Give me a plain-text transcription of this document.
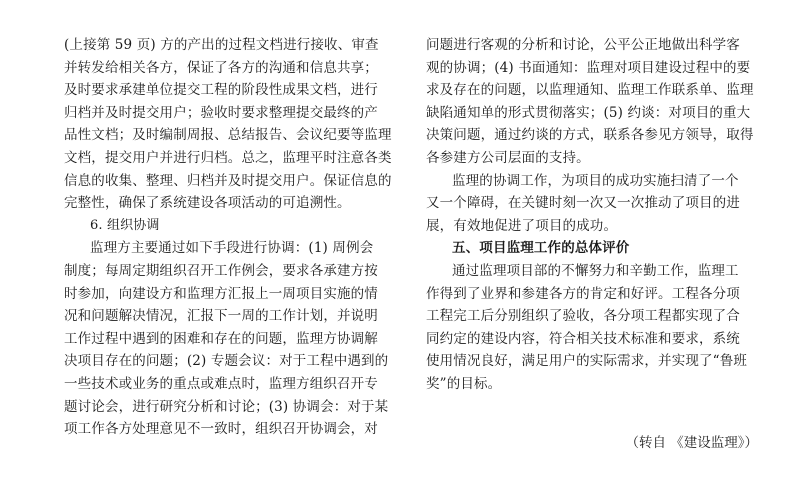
(上接第 59 页) 方的产出的过程文档进行接收、审查
并转发给相关各方，保证了各方的沟通和信息共享；
及时要求承建单位提交工程的阶段性成果文档，进行
归档并及时提交用户；验收时要求整理提交最终的产
品性文档；及时编制周报、总结报告、会议纪要等监理
文档，提交用户并进行归档。总之，监理平时注意各类
信息的收集、整理、归档并及时提交用户。保证信息的
完整性，确保了系统建设各项活动的可追溯性。
6. 组织协调
监理方主要通过如下手段进行协调：(1) 周例会
制度；每周定期组织召开工作例会，要求各承建方按
时参加，向建设方和监理方汇报上一周项目实施的情
况和问题解决情况，汇报下一周的工作计划，并说明
工作过程中遇到的困难和存在的问题，监理方协调解
决项目存在的问题；(2) 专题会议：对于工程中遇到的
一些技术或业务的重点或难点时，监理方组织召开专
题讨论会，进行研究分析和讨论；(3) 协调会：对于某
项工作各方处理意见不一致时，组织召开协调会，对
问题进行客观的分析和讨论，公平公正地做出科学客
观的协调；(4) 书面通知：监理对项目建设过程中的要
求及存在的问题，以监理通知、监理工作联系单、监理
缺陷通知单的形式贯彻落实；(5) 约谈：对项目的重大
决策问题，通过约谈的方式，联系各参见方领导，取得
各参建方公司层面的支持。
监理的协调工作，为项目的成功实施扫清了一个
又一个障碍，在关键时刻一次又一次推动了项目的进
展，有效地促进了项目的成功。
五、项目监理工作的总体评价
通过监理项目部的不懈努力和辛勤工作，监理工
作得到了业界和参建各方的肯定和好评。工程各分项
工程完工后分别组织了验收，各分项工程都实现了合
同约定的建设内容，符合相关技术标准和要求，系统
使用情况良好，满足用户的实际需求，并实现了“鲁班
奖”的目标。
（转自 《建设监理》）
